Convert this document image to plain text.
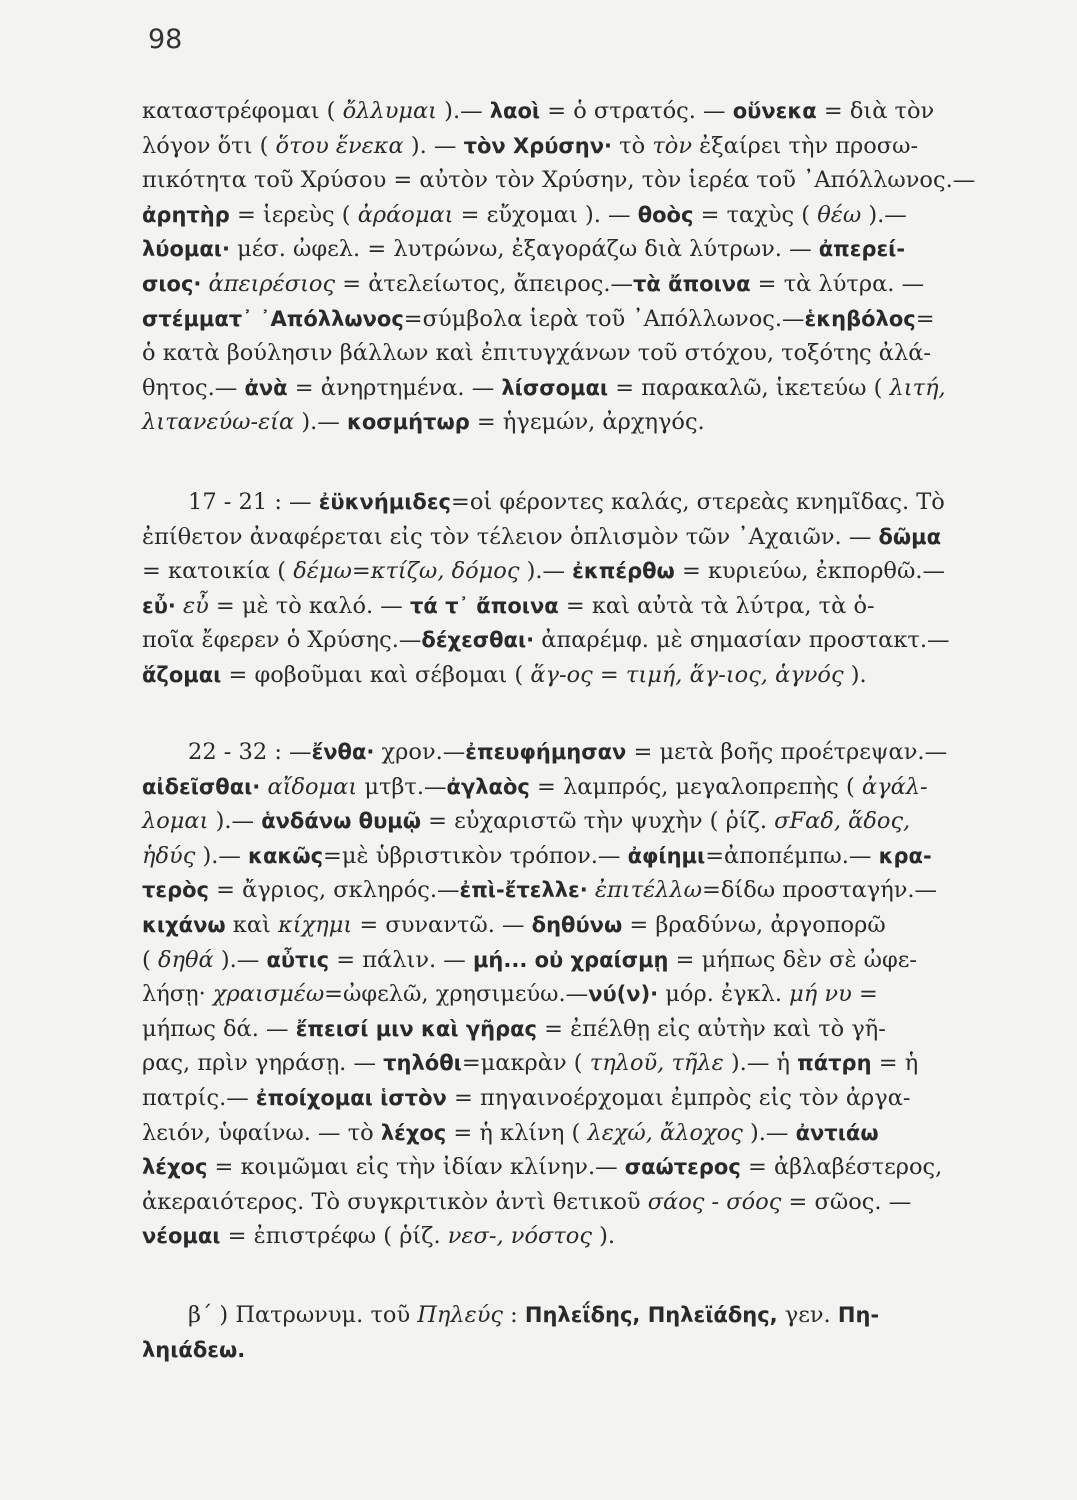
98
καταστρέφομαι ( ὄλλυμαι ).— λαοὶ = ὁ στρατός. — οὕνεκα = διὰ τὸν
λόγον ὅτι ( ὅτου ἕνεκα ). — τὸν Χρύσην· τὸ τὸν ἐξαίρει τὴν προσω-
πικότητα τοῦ Χρύσου = αὐτὸν τὸν Χρύσην, τὸν ἱερέα τοῦ ᾿Απόλλωνος.—
ἀρητὴρ = ἱερεὺς ( ἀράομαι = εὔχομαι ). — θοὸς = ταχὺς ( θέω ).—
λύομαι· μέσ. ὠφελ. = λυτρώνω, ἐξαγοράζω διὰ λύτρων. — ἀπερεί-
σιος· ἀπειρέσιος = ἀτελείωτος, ἄπειρος.—τὰ ἄποινα = τὰ λύτρα. —
στέμματ᾿ ᾿Απόλλωνος=σύμβολα ἱερὰ τοῦ ᾿Απόλλωνος.—ἑκηβόλος=
ὁ κατὰ βούλησιν βάλλων καὶ ἐπιτυγχάνων τοῦ στόχου, τοξότης ἀλά-
θητος.— ἀνὰ = ἀνηρτημένα. — λίσσομαι = παρακαλῶ, ἱκετεύω ( λιτή,
λιτανεύω-εία ).— κοσμήτωρ = ἡγεμών, ἀρχηγός.
17 - 21 : — ἐϋκνήμιδες=οἱ φέροντες καλάς, στερεὰς κνημῖδας. Τὸ
ἐπίθετον ἀναφέρεται εἰς τὸν τέλειον ὁπλισμὸν τῶν ᾿Αχαιῶν. — δῶμα
= κατοικία ( δέμω=κτίζω, δόμος ).— ἐκπέρθω = κυριεύω, ἐκπορθῶ.—
εὖ· εὖ = μὲ τὸ καλό. — τά τ᾿ ἄποινα = καὶ αὐτὰ τὰ λύτρα, τὰ ὁ-
ποῖα ἔφερεν ὁ Χρύσης.—δέχεσθαι· ἀπαρέμφ. μὲ σημασίαν προστακτ.—
ἅζομαι = φοβοῦμαι καὶ σέβομαι ( ἅγ-ος = τιμή, ἅγ-ιος, ἁγνός ).
22 - 32 : —ἔνθα· χρον.—ἐπευφήμησαν = μετὰ βοῆς προέτρεψαν.—
αἰδεῖσθαι· αἴδομαι μτβτ.—ἀγλαὸς = λαμπρός, μεγαλοπρεπὴς ( ἀγάλ-
λομαι ).— ἁνδάνω θυμῷ = εὐχαριστῶ τὴν ψυχὴν ( ῥίζ. σFαδ, ἅδος,
ἡδύς ).— κακῶς=μὲ ὑβριστικὸν τρόπον.— ἀφίημι=ἀποπέμπω.— κρα-
τερὸς = ἄγριος, σκληρός.—ἐπὶ-ἔτελλε· ἐπιτέλλω=δίδω προσταγήν.—
κιχάνω καὶ κίχημι = συναντῶ. — δηθύνω = βραδύνω, ἀργοπορῶ
( δηθά ).— αὖτις = πάλιν. — μή... οὐ χραίσμῃ = μήπως δὲν σὲ ὠφε-
λήσῃ· χραισμέω=ὠφελῶ, χρησιμεύω.—νύ(ν)· μόρ. ἐγκλ. μή νυ =
μήπως δά. — ἔπεισί μιν καὶ γῆρας = ἐπέλθῃ εἰς αὐτὴν καὶ τὸ γῆ-
ρας, πρὶν γηράσῃ. — τηλόθι=μακρὰν ( τηλοῦ, τῆλε ).— ἡ πάτρη = ἡ
πατρίς.— ἐποίχομαι ἱστὸν = πηγαινοέρχομαι ἐμπρὸς εἰς τὸν ἀργα-
λειόν, ὑφαίνω. — τὸ λέχος = ἡ κλίνη ( λεχώ, ἄλοχος ).— ἀντιάω
λέχος = κοιμῶμαι εἰς τὴν ἰδίαν κλίνην.— σαώτερος = ἀβλαβέστερος,
ἀκεραιότερος. Τὸ συγκριτικὸν ἀντὶ θετικοῦ σάος - σόος = σῶος. —
νέομαι = ἐπιστρέφω ( ῥίζ. νεσ-, νόστος ).
β΄ ) Πατρωνυμ. τοῦ Πηλεύς : Πηλεΐδης, Πηλεϊάδης, γεν. Πη-
ληιάδεω.
